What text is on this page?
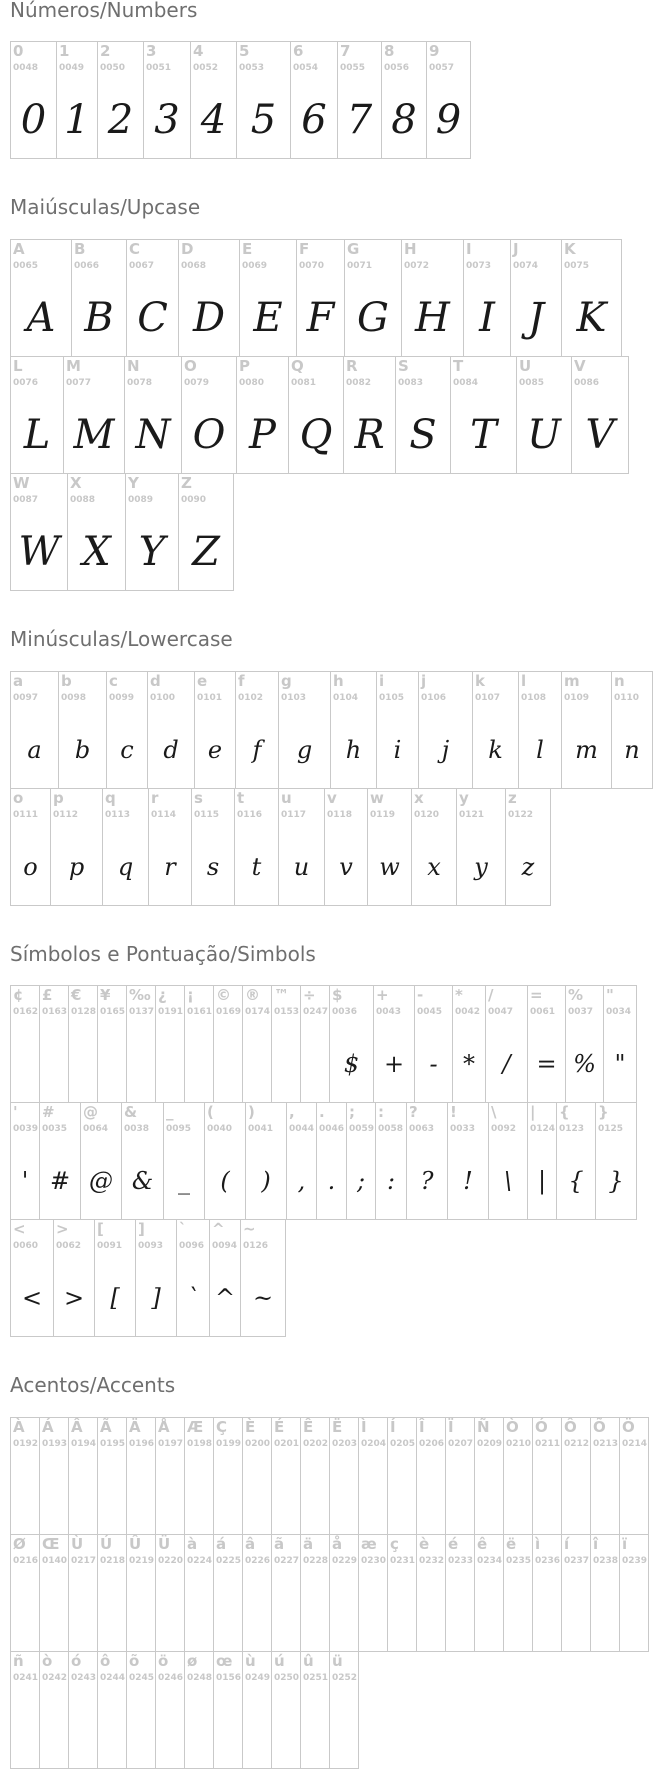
Números/Numbers
Maiúsculas/Upcase
Minúsculas/Lowercase
Símbolos e Pontuação/Simbols
Acentos/Accents
0
0048
0
1
0049
1
2
0050
2
3
0051
3
4
0052
4
5
0053
5
6
0054
6
7
0055
7
8
0056
8
9
0057
9
A
0065
A
B
0066
B
C
0067
C
D
0068
D
E
0069
E
F
0070
F
G
0071
G
H
0072
H
I
0073
I
J
0074
J
K
0075
K
L
0076
L
M
0077
M
N
0078
N
O
0079
O
P
0080
P
Q
0081
Q
R
0082
R
S
0083
S
T
0084
T
U
0085
U
V
0086
V
W
0087
W
X
0088
X
Y
0089
Y
Z
0090
Z
a
0097
a
b
0098
b
c
0099
c
d
0100
d
e
0101
e
f
0102
f
g
0103
g
h
0104
h
i
0105
i
j
0106
j
k
0107
k
l
0108
l
m
0109
m
n
0110
n
o
0111
o
p
0112
p
q
0113
q
r
0114
r
s
0115
s
t
0116
t
u
0117
u
v
0118
v
w
0119
w
x
0120
x
y
0121
y
z
0122
z
¢
0162
£
0163
€
0128
¥
0165
‰
0137
¿
0191
¡
0161
©
0169
®
0174
™
0153
÷
0247
$
0036
$
+
0043
+
-
0045
-
*
0042
*
/
0047
/
=
0061
=
%
0037
%
"
0034
"
'
0039
'
#
0035
#
@
0064
@
&
0038
&
_
0095
_
(
0040
(
)
0041
)
,
0044
,
.
0046
.
;
0059
;
:
0058
:
?
0063
?
!
0033
!
\
0092
\
|
0124
|
{
0123
{
}
0125
}
<
0060
<
>
0062
>
[
0091
[
]
0093
]
`
0096
`
^
0094
^
~
0126
~
À
0192
Á
0193
Â
0194
Ã
0195
Ä
0196
Å
0197
Æ
0198
Ç
0199
È
0200
É
0201
Ê
0202
Ë
0203
Ì
0204
Í
0205
Î
0206
Ï
0207
Ñ
0209
Ò
0210
Ó
0211
Ô
0212
Õ
0213
Ö
0214
Ø
0216
Œ
0140
Ù
0217
Ú
0218
Û
0219
Ü
0220
à
0224
á
0225
â
0226
ã
0227
ä
0228
å
0229
æ
0230
ç
0231
è
0232
é
0233
ê
0234
ë
0235
ì
0236
í
0237
î
0238
ï
0239
ñ
0241
ò
0242
ó
0243
ô
0244
õ
0245
ö
0246
ø
0248
œ
0156
ù
0249
ú
0250
û
0251
ü
0252
